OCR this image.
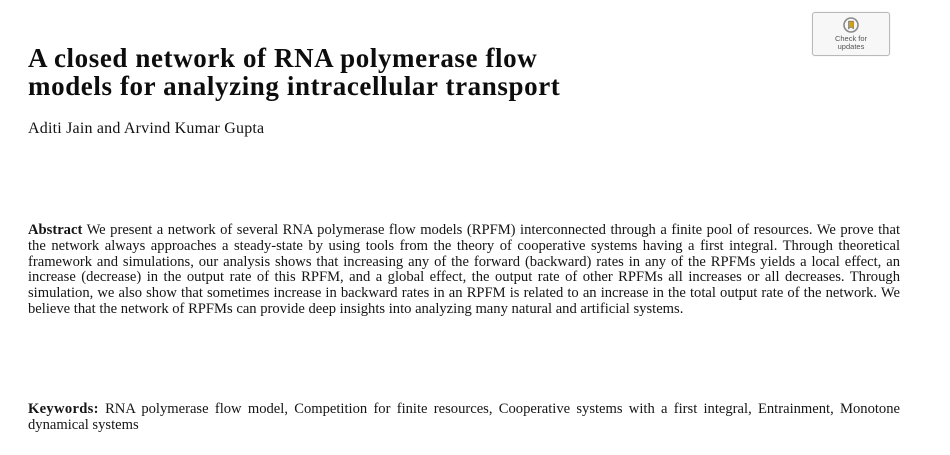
Check for
updates
A closed network of RNA polymerase flow
models for analyzing intracellular transport
Aditi Jain and Arvind Kumar Gupta

Abstract We present a network of several RNA polymerase flow models (RPFM) interconnected through a finite pool of resources. We prove that the network always approaches a steady-state by using tools from the theory of cooperative systems having a first integral. Through theoretical framework and simulations, our analysis shows that increasing any of the forward (backward) rates in any of the RPFMs yields a local effect, an increase (decrease) in the output rate of this RPFM, and a global effect, the output rate of other RPFMs all increases or all decreases. Through simulation, we also show that sometimes increase in backward rates in an RPFM is related to an increase in the total output rate of the network. We believe that the network of RPFMs can provide deep insights into analyzing many natural and artificial systems.

Keywords: RNA polymerase flow model, Competition for finite resources, Cooperative systems with a first integral, Entrainment, Monotone dynamical systems
